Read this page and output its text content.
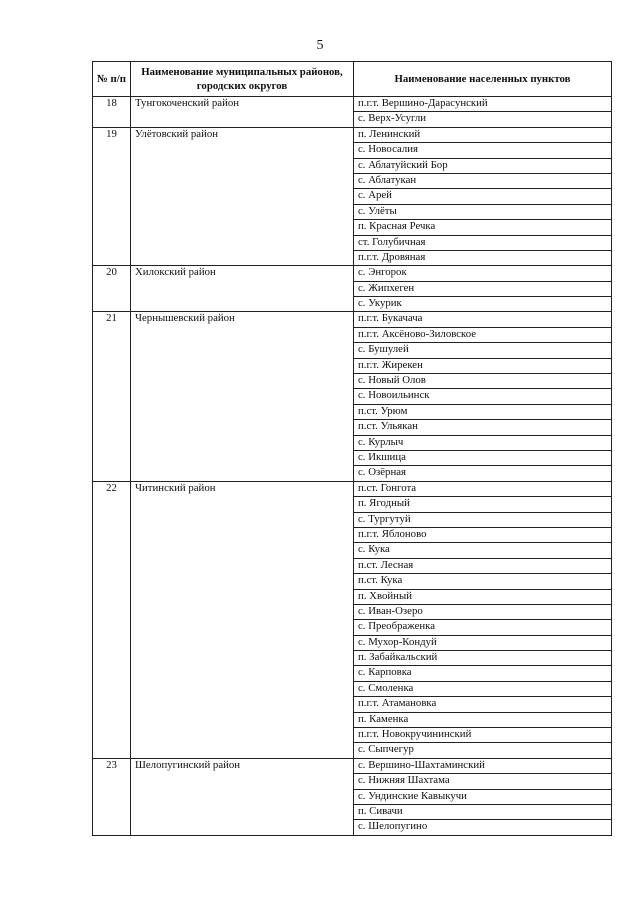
5
№ п/п	Наименование муниципальных районов, городских округов	Наименование населенных пунктов
18	Тунгокоченский район	п.г.т. Вершино-Дарасунский
		с. Верх-Усугли
19	Улётовский район	п. Ленинский
		с. Новосалия
		с. Аблатуйский Бор
		с. Аблатукан
		с. Арей
		с. Улёты
		п. Красная Речка
		ст. Голубичная
		п.г.т. Дровяная
20	Хилокский район	с. Энгорок
		с. Жипхеген
		с. Укурик
21	Чернышевский район	п.г.т. Букачача
		п.г.т. Аксёново-Зиловское
		с. Бушулей
		п.г.т. Жирекен
		с. Новый Олов
		с. Новоильинск
		п.ст. Урюм
		п.ст. Ульякан
		с. Курлыч
		с. Икшица
		с. Озёрная
22	Читинский район	п.ст. Гонгота
		п. Ягодный
		с. Тургутуй
		п.г.т. Яблоново
		с. Кука
		п.ст. Лесная
		п.ст. Кука
		п. Хвойный
		с. Иван-Озеро
		с. Преображенка
		с. Мухор-Кондуй
		п. Забайкальский
		с. Карповка
		с. Смоленка
		п.г.т. Атамановка
		п. Каменка
		п.г.т. Новокручининский
		с. Сыпчегур
23	Шелопугинский район	с. Вершино-Шахтаминский
		с. Нижняя Шахтама
		с. Ундинские Кавыкучи
		п. Сивачи
		с. Шелопугино
